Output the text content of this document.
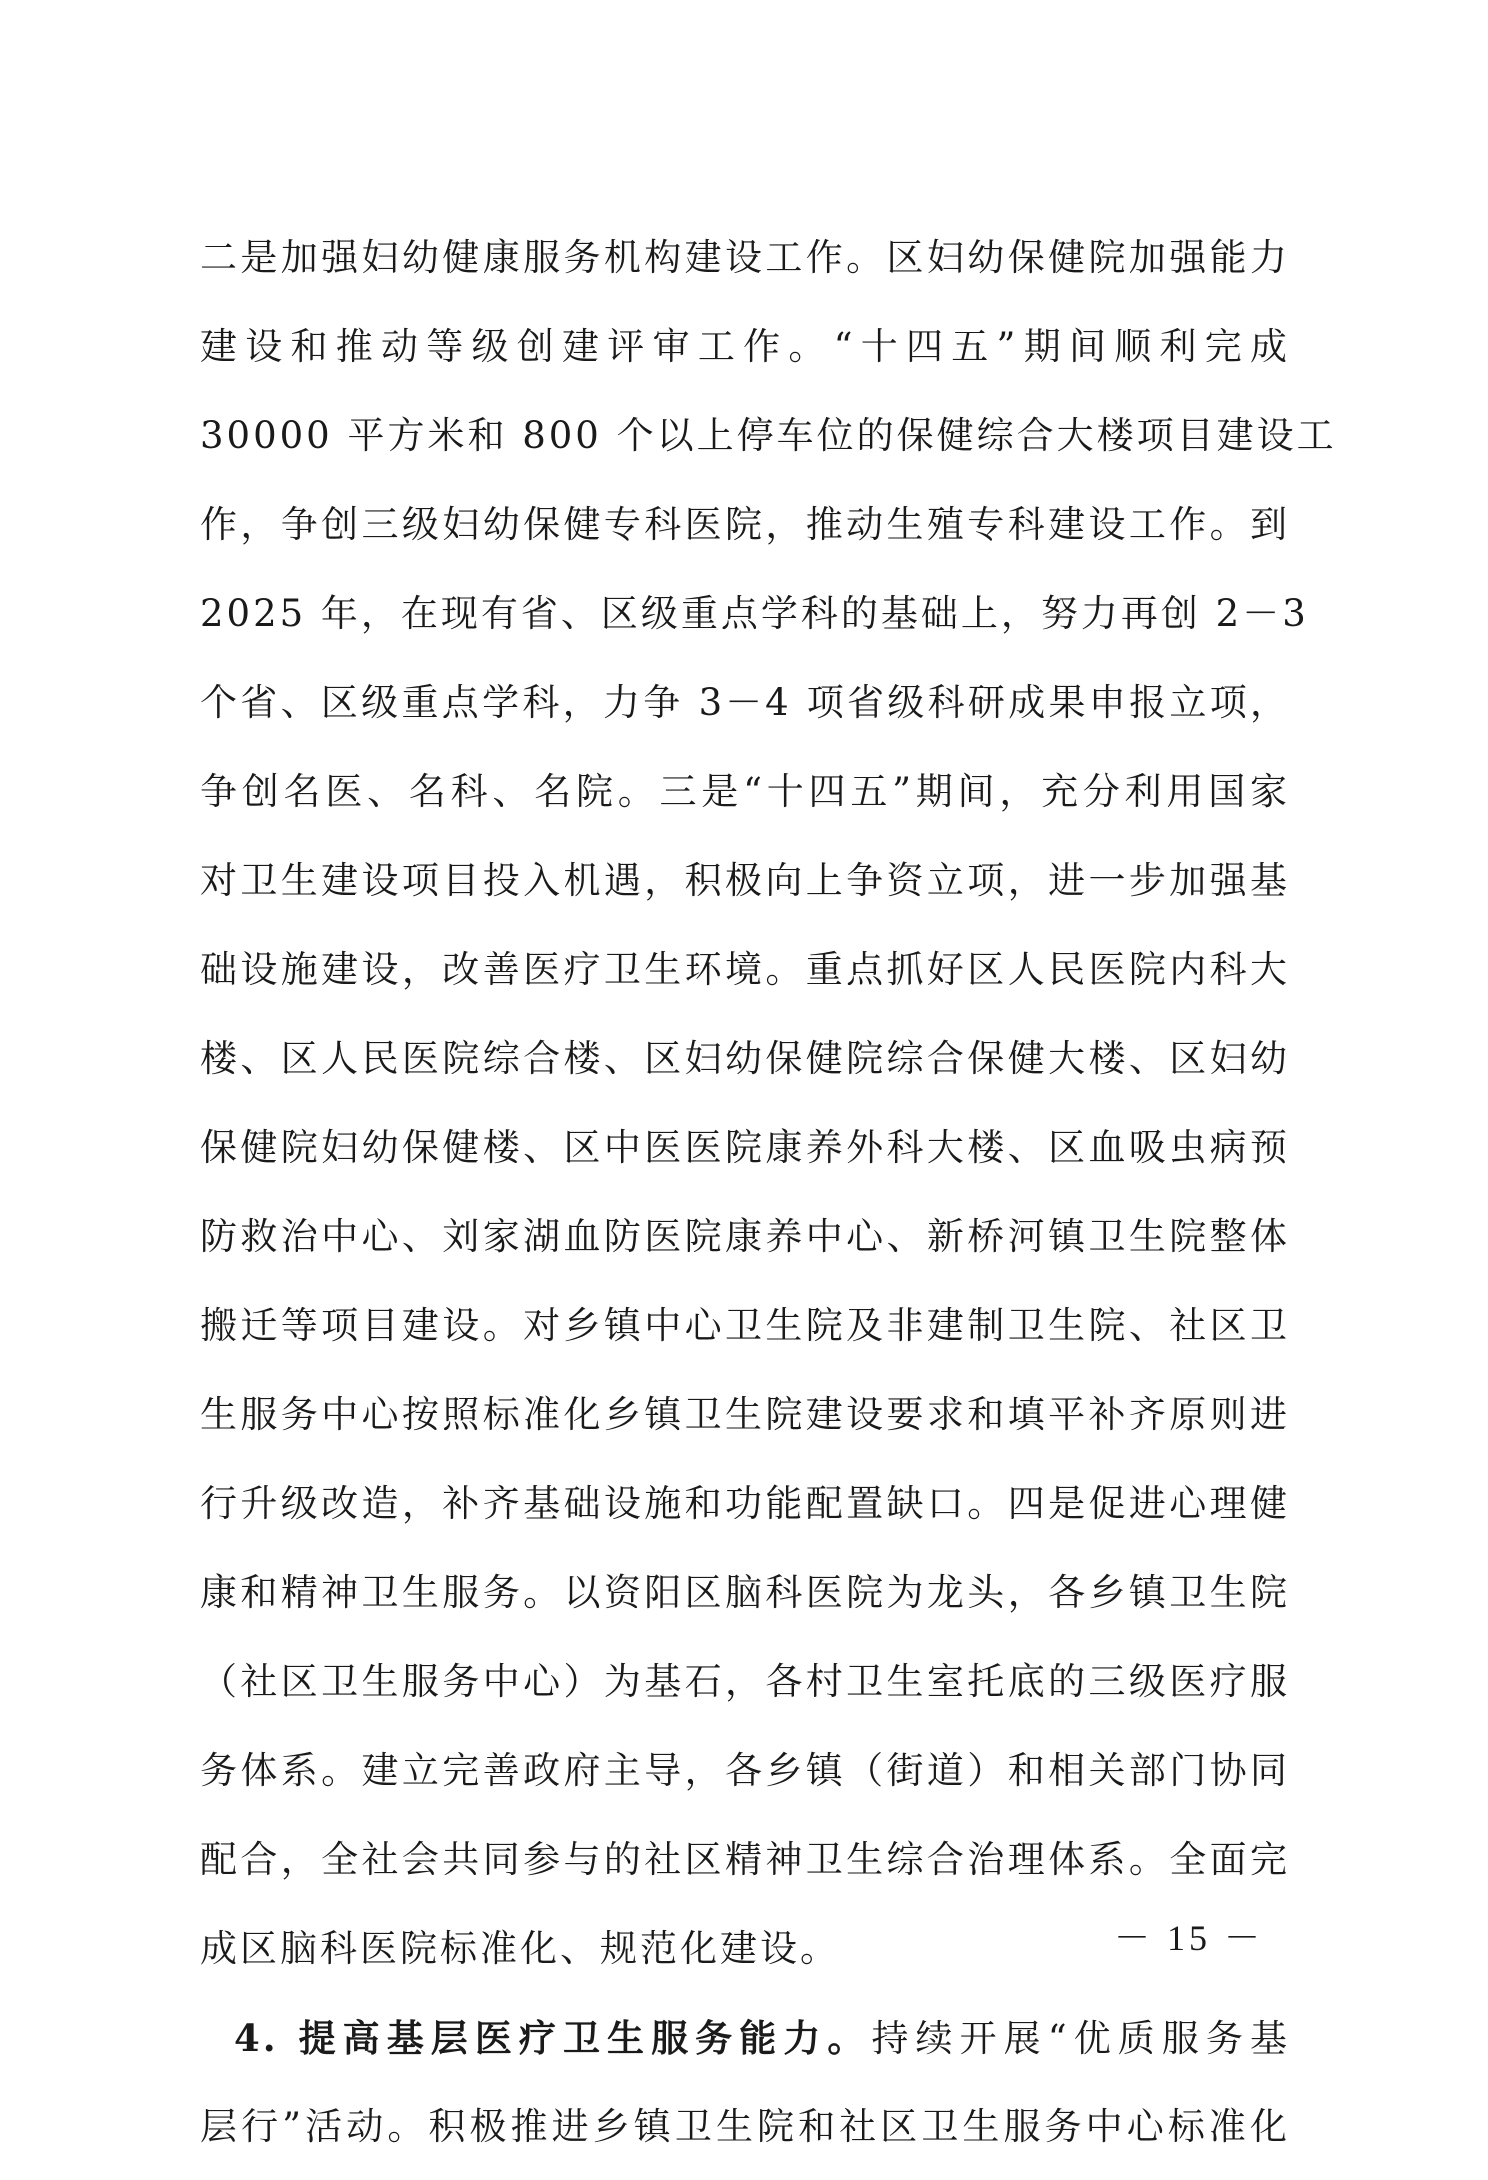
二是加强妇幼健康服务机构建设工作。区妇幼保健院加强能力
建设和推动等级创建评审工作。“十四五”期间顺利完成
30000 平方米和 800 个以上停车位的保健综合大楼项目建设工
作，争创三级妇幼保健专科医院，推动生殖专科建设工作。到
2025 年，在现有省、区级重点学科的基础上，努力再创 2－3
个省、区级重点学科，力争 3－4 项省级科研成果申报立项，
争创名医、名科、名院。三是“十四五”期间，充分利用国家
对卫生建设项目投入机遇，积极向上争资立项，进一步加强基
础设施建设，改善医疗卫生环境。重点抓好区人民医院内科大
楼、区人民医院综合楼、区妇幼保健院综合保健大楼、区妇幼
保健院妇幼保健楼、区中医医院康养外科大楼、区血吸虫病预
防救治中心、刘家湖血防医院康养中心、新桥河镇卫生院整体
搬迁等项目建设。对乡镇中心卫生院及非建制卫生院、社区卫
生服务中心按照标准化乡镇卫生院建设要求和填平补齐原则进
行升级改造，补齐基础设施和功能配置缺口。四是促进心理健
康和精神卫生服务。以资阳区脑科医院为龙头，各乡镇卫生院
（社区卫生服务中心）为基石，各村卫生室托底的三级医疗服
务体系。建立完善政府主导，各乡镇（街道）和相关部门协同
配合，全社会共同参与的社区精神卫生综合治理体系。全面完
成区脑科医院标准化、规范化建设。
4. 提高基层医疗卫生服务能力。持续开展“优质服务基
层行”活动。积极推进乡镇卫生院和社区卫生服务中心标准化
－ 15 －
